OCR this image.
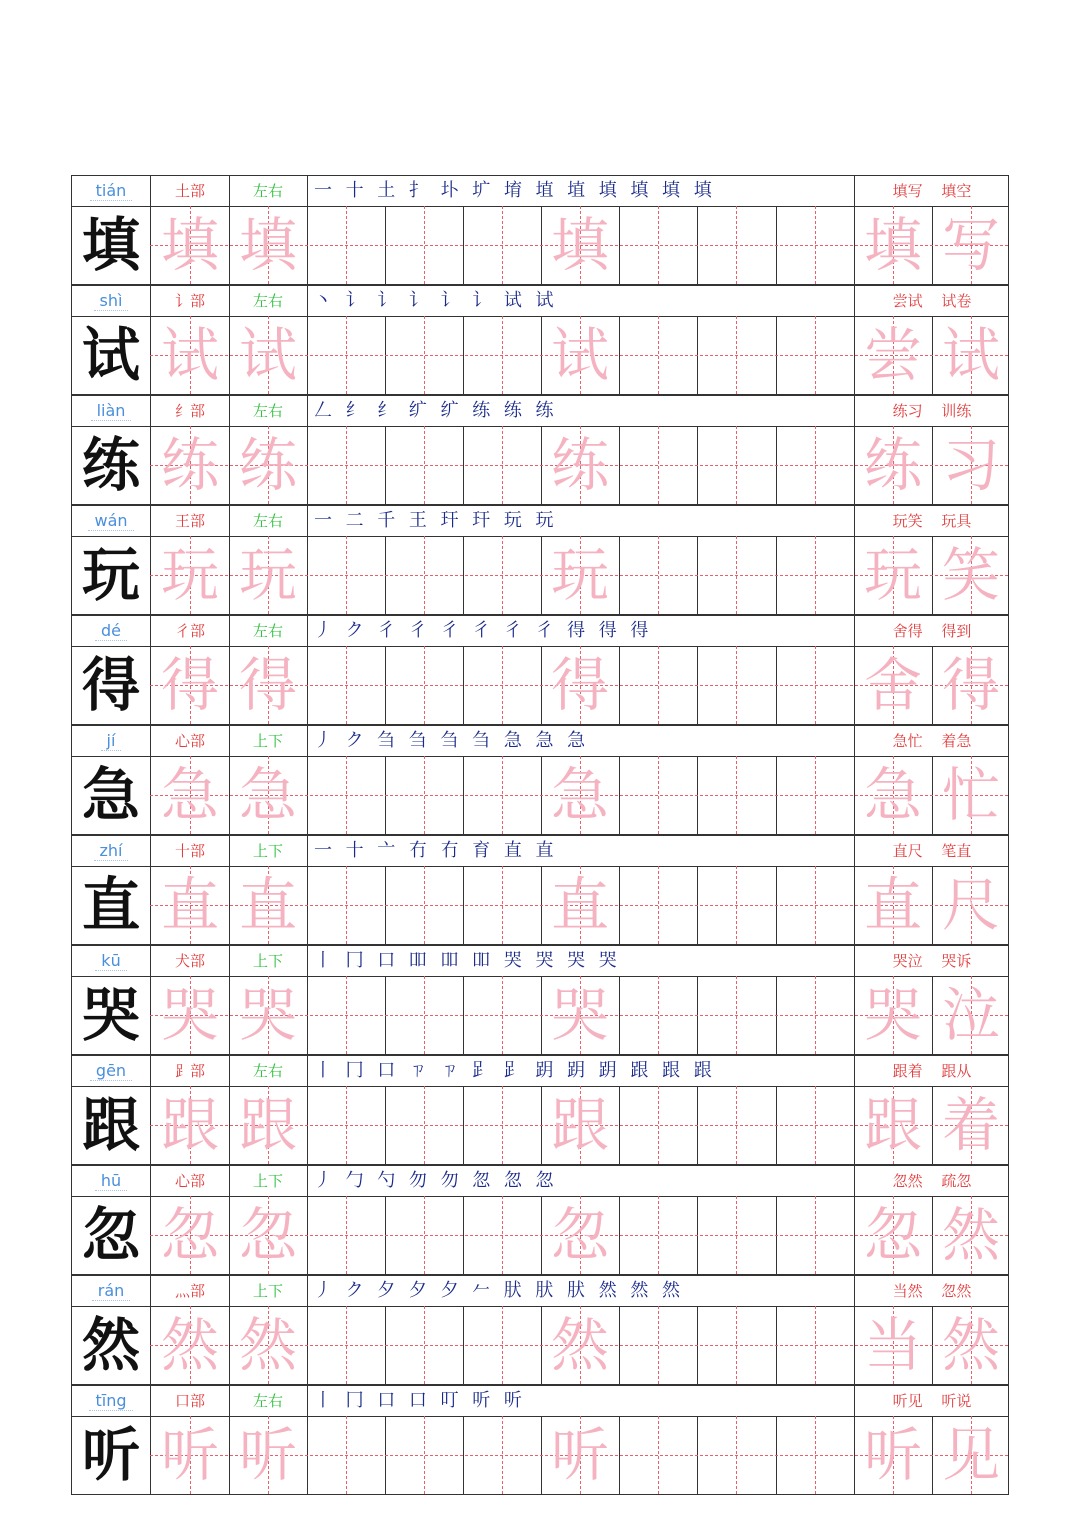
tián	土部	左右	一 十 土 扌 圤 圹 堉 埴 埴 填 填 填 填	填写 填空
填 填 填	填	填 写
shì	讠部	左右	丶 讠 讠 讠 讠 讠 试 试	尝试 试卷
试 试 试	试	尝 试
liàn	纟部	左右	𠃋 纟 纟 纩 纩 练 练 练	练习 训练
练 练 练	练	练 习
wán	王部	左右	一 二 千 王 玕 玕 玩 玩	玩笑 玩具
玩 玩 玩	玩	玩 笑
dé	彳部	左右	丿 ク 彳 彳 彳 彳 彳 彳 得 得 得	舍得 得到
得 得 得	得	舍 得
jí	心部	上下	丿 ク 刍 刍 刍 刍 急 急 急	急忙 着急
急 急 急	急	急 忙
zhí	十部	上下	一 十 亠 冇 冇 育 直 直	直尺 笔直
直 直 直	直	直 尺
kū	犬部	上下	丨 冂 口 吅 吅 吅 哭 哭 哭 哭	哭泣 哭诉
哭 哭 哭	哭	哭 泣
gēn	⻊部	左右	丨 冂 口 ㄗ ㄗ 𧾷 𧾷 跀 跀 跀 跟 跟 跟	跟着 跟从
跟 跟 跟	跟	跟 着
hū	心部	上下	丿 勹 勺 勿 勿 忽 忽 忽	忽然 疏忽
忽 忽 忽	忽	忽 然
rán	灬部	上下	丿 ク 夕 夕 夕 𠂉 肰 肰 肰 然 然 然	当然 忽然
然 然 然	然	当 然
tīng	口部	左右	丨 冂 口 口 叮 听 听	听见 听说
听 听 听	听	听 见
